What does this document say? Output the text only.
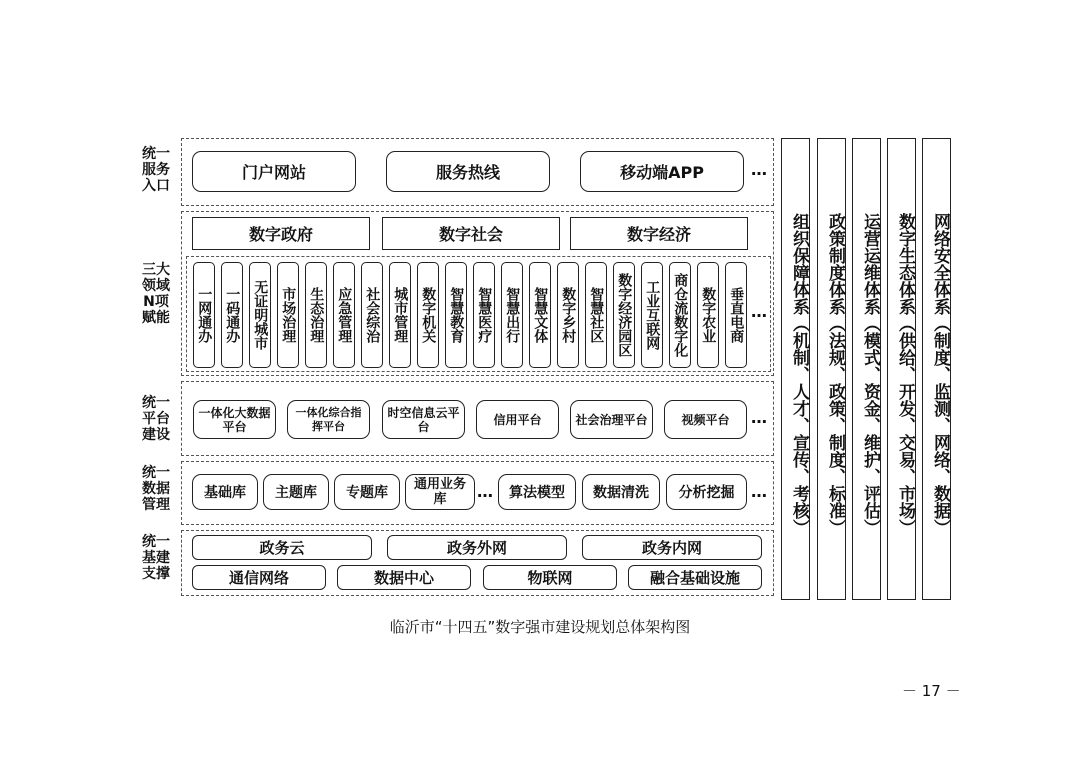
统一服务入口
三大领域N项赋能
统一平台建设
统一数据管理
统一基建支撑
门户网站	服务热线	移动端APP	…
数字政府	数字社会	数字经济
一网通办 一码通办 无证明城市 市场治理 生态治理 应急管理 社会综治 城市管理 数字机关 智慧教育 智慧医疗 智慧出行 智慧文体 数字乡村 智慧社区 数字经济园区 工业互联网 商仓流数字化 数字农业 垂直电商 …
一体化大数据平台
一体化综合指挥平台
时空信息云平台	信用平台	社会治理平台	视频平台	…
基础库	主题库	专题库
通用业务库	…	算法模型	数据清洗	分析挖掘	…
政务云	政务外网	政务内网
通信网络	数据中心	物联网	融合基础设施
组织保障体系
（机制、人才、宣传、考核）
政策制度体系
（法规、政策、制度、标准）
运营运维体系
（模式、资金、维护、评估）
数字生态体系
（供给、开发、交易、市场）
网络安全体系
（制度、监测、网络、数据）
临沂市“十四五”数字强市建设规划总体架构图
－ 17 －
